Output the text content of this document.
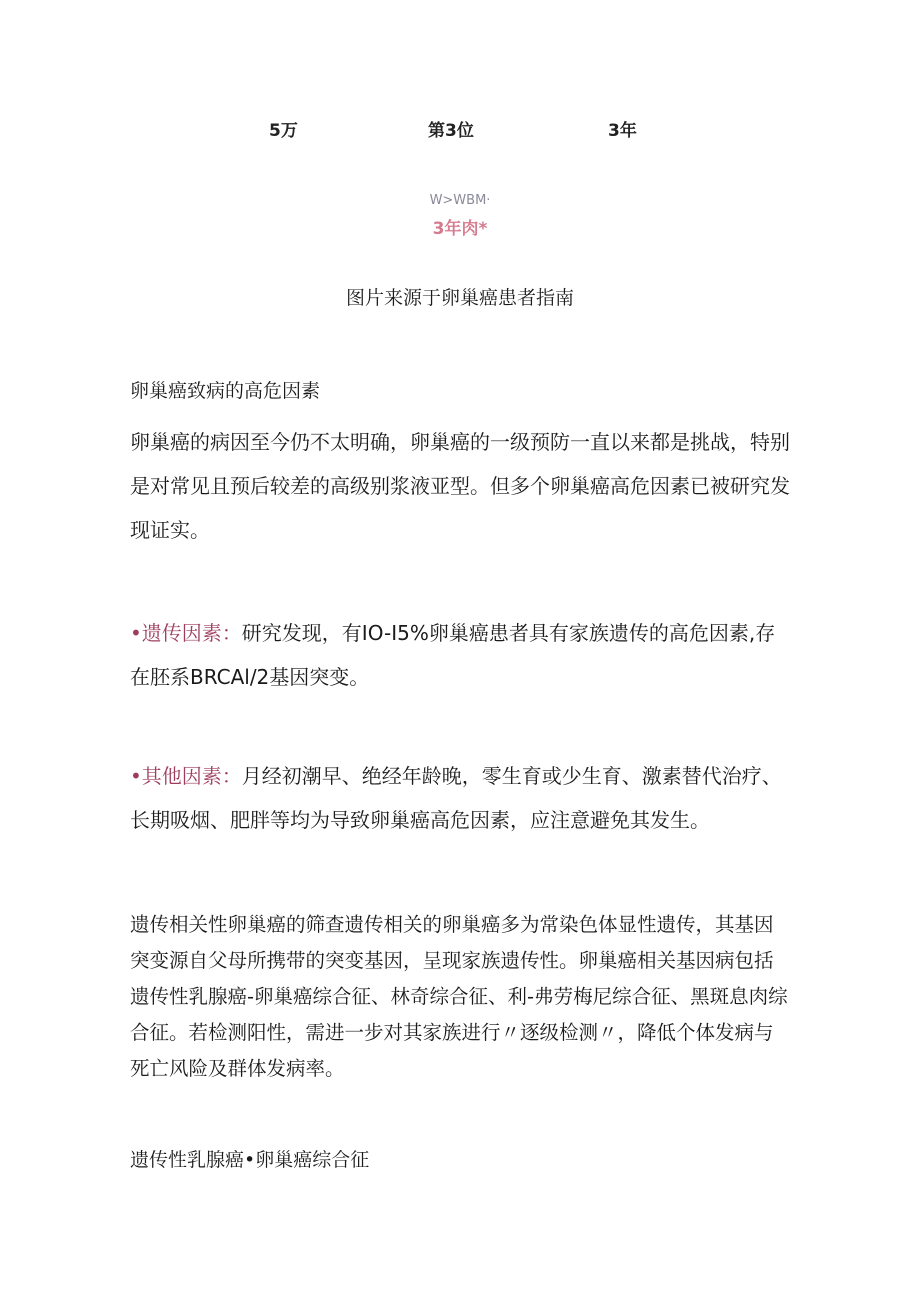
5万	第3位	3年
W>WBM·
3年肉*
图片来源于卵巢癌患者指南
卵巢癌致病的高危因素
卵巢癌的病因至今仍不太明确，卵巢癌的一级预防一直以来都是挑战，特别是对常见且预后较差的高级别浆液亚型。但多个卵巢癌高危因素已被研究发现证实。
•遗传因素：研究发现，有IO-I5%卵巢癌患者具有家族遗传的高危因素,存在胚系BRCAl/2基因突变。
•其他因素：月经初潮早、绝经年龄晚，零生育或少生育、激素替代治疗、长期吸烟、肥胖等均为导致卵巢癌高危因素，应注意避免其发生。
遗传相关性卵巢癌的筛查遗传相关的卵巢癌多为常染色体显性遗传，其基因突变源自父母所携带的突变基因，呈现家族遗传性。卵巢癌相关基因病包括遗传性乳腺癌-卵巢癌综合征、林奇综合征、利-弗劳梅尼综合征、黑斑息肉综合征。若检测阳性，需进一步对其家族进行〃逐级检测〃，降低个体发病与死亡风险及群体发病率。
遗传性乳腺癌•卵巢癌综合征
